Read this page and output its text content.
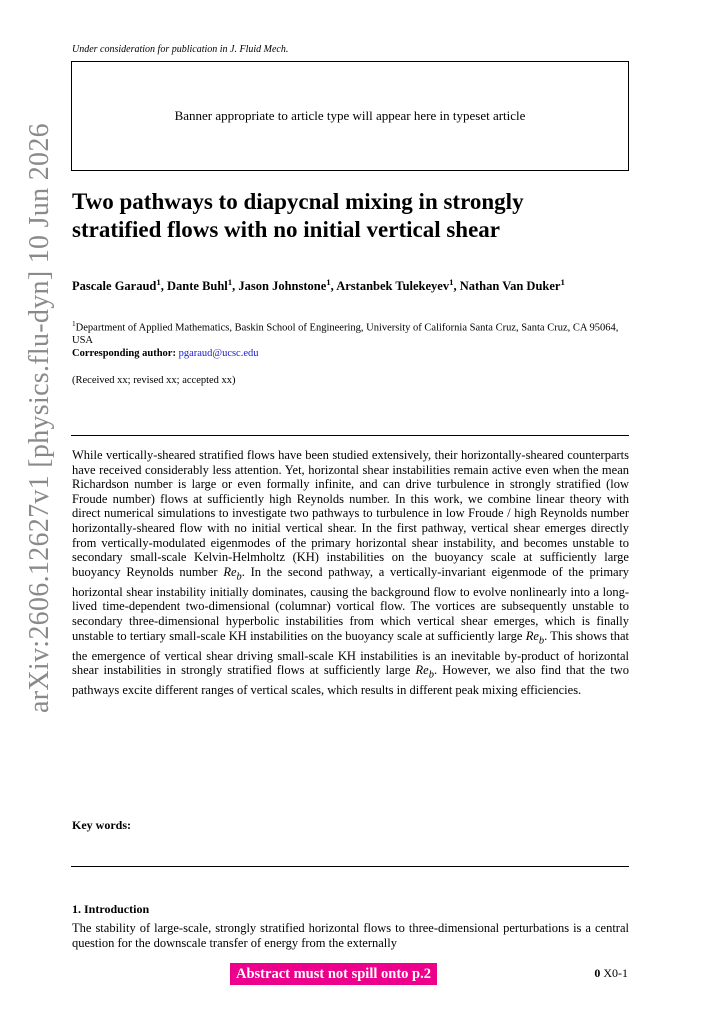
Under consideration for publication in J. Fluid Mech.
Banner appropriate to article type will appear here in typeset article
arXiv:2606.12627v1 [physics.flu-dyn] 10 Jun 2026 Two pathways to diapycnal mixing in strongly stratified flows with no initial vertical shear
Pascale Garaud$^1$, Dante Buhl$^1$, Jason Johnstone$^1$, Arstanbek Tulekeyev$^1$, Nathan Van Duker$^1$
$^1$Department of Applied Mathematics, Baskin School of Engineering, University of California Santa Cruz, Santa Cruz, CA 95064, USA
Corresponding author: pgaraud@ucsc.edu
(Received xx; revised xx; accepted xx)

While vertically-sheared stratified flows have been studied extensively, their horizontally-sheared counterparts have received considerably less attention. Yet, horizontal shear instabilities remain active even when the mean Richardson number is large or even formally infinite, and can drive turbulence in strongly stratified (low Froude number) flows at sufficiently high Reynolds number. In this work, we combine linear theory with direct numerical simulations to investigate two pathways to turbulence in low Froude / high Reynolds number horizontally-sheared flow with no initial vertical shear. In the first pathway, vertical shear emerges directly from vertically-modulated eigenmodes of the primary horizontal shear instability, and becomes unstable to secondary small-scale Kelvin-Helmholtz (KH) instabilities on the buoyancy scale at sufficiently large buoyancy Reynolds number $Re_b$. In the second pathway, a vertically-invariant eigenmode of the primary horizontal shear instability initially dominates, causing the background flow to evolve nonlinearly into a long-lived time-dependent two-dimensional (columnar) vortical flow. The vortices are subsequently unstable to secondary three-dimensional hyperbolic instabilities from which vertical shear emerges, which is finally unstable to tertiary small-scale KH instabilities on the buoyancy scale at sufficiently large $Re_b$. This shows that the emergence of vertical shear driving small-scale KH instabilities is an inevitable by-product of horizontal shear instabilities in strongly stratified flows at sufficiently large $Re_b$. However, we also find that the two pathways excite different ranges of vertical scales, which results in different peak mixing efficiencies.

Key words:
1. Introduction

The stability of large-scale, strongly stratified horizontal flows to three-dimensional perturbations is a central question for the downscale transfer of energy from the externally

Abstract must not spill onto p.2	0 X0-1
